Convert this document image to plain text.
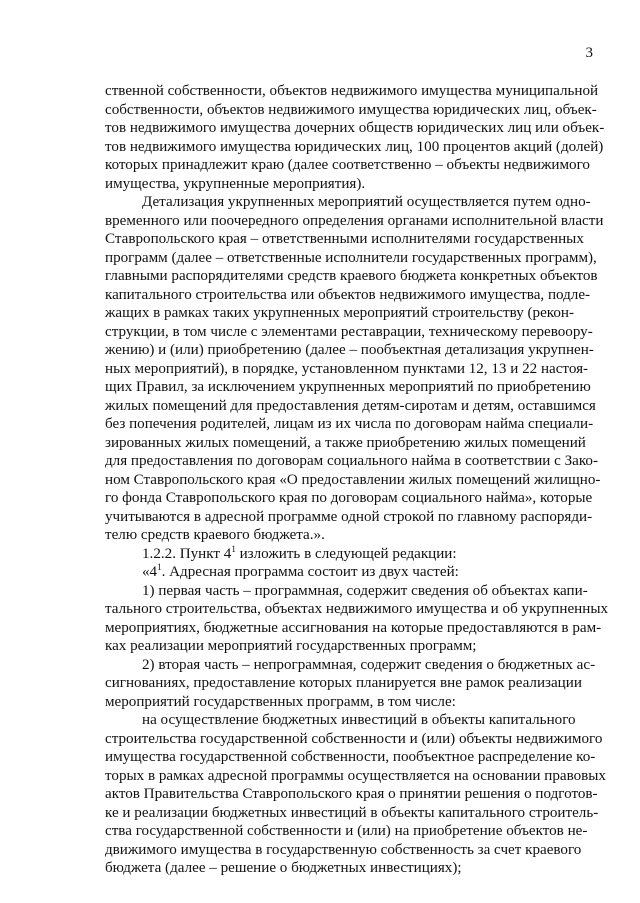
3
ственной собственности, объектов недвижимого имущества муниципальной
собственности, объектов недвижимого имущества юридических лиц, объек-
тов недвижимого имущества дочерних обществ юридических лиц или объек-
тов недвижимого имущества юридических лиц, 100 процентов акций (долей)
которых принадлежит краю (далее соответственно – объекты недвижимого
имущества, укрупненные мероприятия).
Детализация укрупненных мероприятий осуществляется путем одно-
временного или поочередного определения органами исполнительной власти
Ставропольского края – ответственными исполнителями государственных
программ (далее – ответственные исполнители государственных программ),
главными распорядителями средств краевого бюджета конкретных объектов
капитального строительства или объектов недвижимого имущества, подле-
жащих в рамках таких укрупненных мероприятий строительству (рекон-
струкции, в том числе с элементами реставрации, техническому перевоору-
жению) и (или) приобретению (далее – пообъектная детализация укрупнен-
ных мероприятий), в порядке, установленном пунктами 12, 13 и 22 настоя-
щих Правил, за исключением укрупненных мероприятий по приобретению
жилых помещений для предоставления детям-сиротам и детям, оставшимся
без попечения родителей, лицам из их числа по договорам найма специали-
зированных жилых помещений, а также приобретению жилых помещений
для предоставления по договорам социального найма в соответствии с Зако-
ном Ставропольского края «О предоставлении жилых помещений жилищно-
го фонда Ставропольского края по договорам социального найма», которые
учитываются в адресной программе одной строкой по главному распоряди-
телю средств краевого бюджета.».
1.2.2. Пункт $4^1$ изложить в следующей редакции:
«$4^1$. Адресная программа состоит из двух частей:
1) первая часть – программная, содержит сведения об объектах капи-
тального строительства, объектах недвижимого имущества и об укрупненных
мероприятиях, бюджетные ассигнования на которые предоставляются в рам-
ках реализации мероприятий государственных программ;
2) вторая часть – непрограммная, содержит сведения о бюджетных ас-
сигнованиях, предоставление которых планируется вне рамок реализации
мероприятий государственных программ, в том числе:
на осуществление бюджетных инвестиций в объекты капитального
строительства государственной собственности и (или) объекты недвижимого
имущества государственной собственности, пообъектное распределение ко-
торых в рамках адресной программы осуществляется на основании правовых
актов Правительства Ставропольского края о принятии решения о подготов-
ке и реализации бюджетных инвестиций в объекты капитального строитель-
ства государственной собственности и (или) на приобретение объектов не-
движимого имущества в государственную собственность за счет краевого
бюджета (далее – решение о бюджетных инвестициях);
